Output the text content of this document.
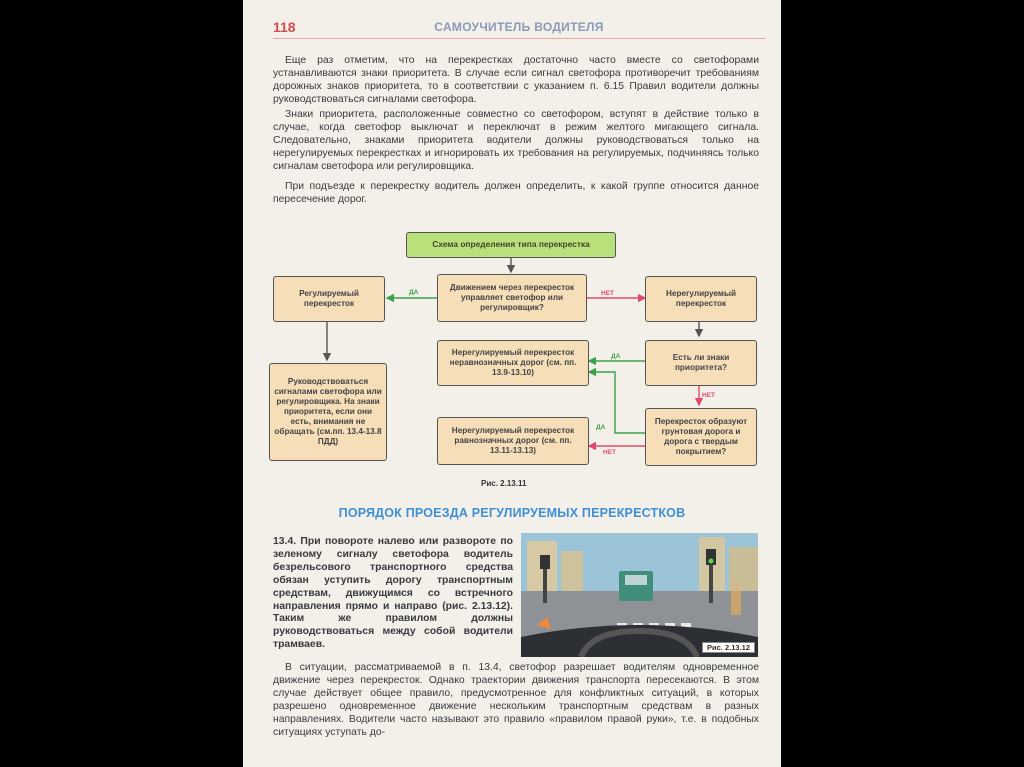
118	САМОУЧИТЕЛЬ ВОДИТЕЛЯ

Еще раз отметим, что на перекрестках достаточно часто вместе со светофорами устанавливаются знаки приоритета. В случае если сигнал светофора противоречит требованиям дорожных знаков приоритета, то в соответствии с указанием п. 6.15 Правил водители должны руководствоваться сигналами светофора.

Знаки приоритета, расположенные совместно со светофором, вступят в действие только в случае, когда светофор выключат и переключат в режим желтого мигающего сигнала. Следовательно, знаками приоритета водители должны руководствоваться только на нерегулируемых перекрестках и игнорировать их требования на регулируемых, подчиняясь только сигналам светофора или регулировщика.

При подъезде к перекрестку водитель должен определить, к какой группе относится данное пересечение дорог.

Схема определения типа перекрестка
Регулируемый перекресток
Движением через перекресток управляет светофор или регулировщик?
Нерегулируемый перекресток
Руководствоваться сигналами светофора или регулировщика. На знаки приоритета, если они есть, внимания не обращать (см.пп. 13.4-13.8 ПДД)
Нерегулируемый перекресток неравнозначных дорог (см. пп. 13.9-13.10)
Есть ли знаки приоритета?
Нерегулируемый перекресток равнозначных дорог (см. пп. 13.11-13.13)
Перекресток образуют грунтовая дорога и дорога с твердым покрытием?
ДА	НЕТ
ДА
НЕТ
ДА
НЕТ
Рис. 2.13.11
ПОРЯДОК ПРОЕЗДА РЕГУЛИРУЕМЫХ ПЕРЕКРЕСТКОВ

13.4. При повороте налево или развороте по зеленому сигналу светофора водитель безрельсового транспортного средства обязан уступить дорогу транспортным средствам, движущимся со встречного направления прямо и направо (рис. 2.13.12). Таким же правилом должны руководствоваться между собой водители трамваев.	Рис. 2.13.12

В ситуации, рассматриваемой в п. 13.4, светофор разрешает водителям одновременное движение через перекресток. Однако траектории движения транспорта пересекаются. В этом случае действует общее правило, предусмотренное для конфликтных ситуаций, в которых разрешено одновременное движение нескольким транспортным средствам в разных направлениях. Водители часто называют это правило «правилом правой руки», т.е. в подобных ситуациях уступать до-
